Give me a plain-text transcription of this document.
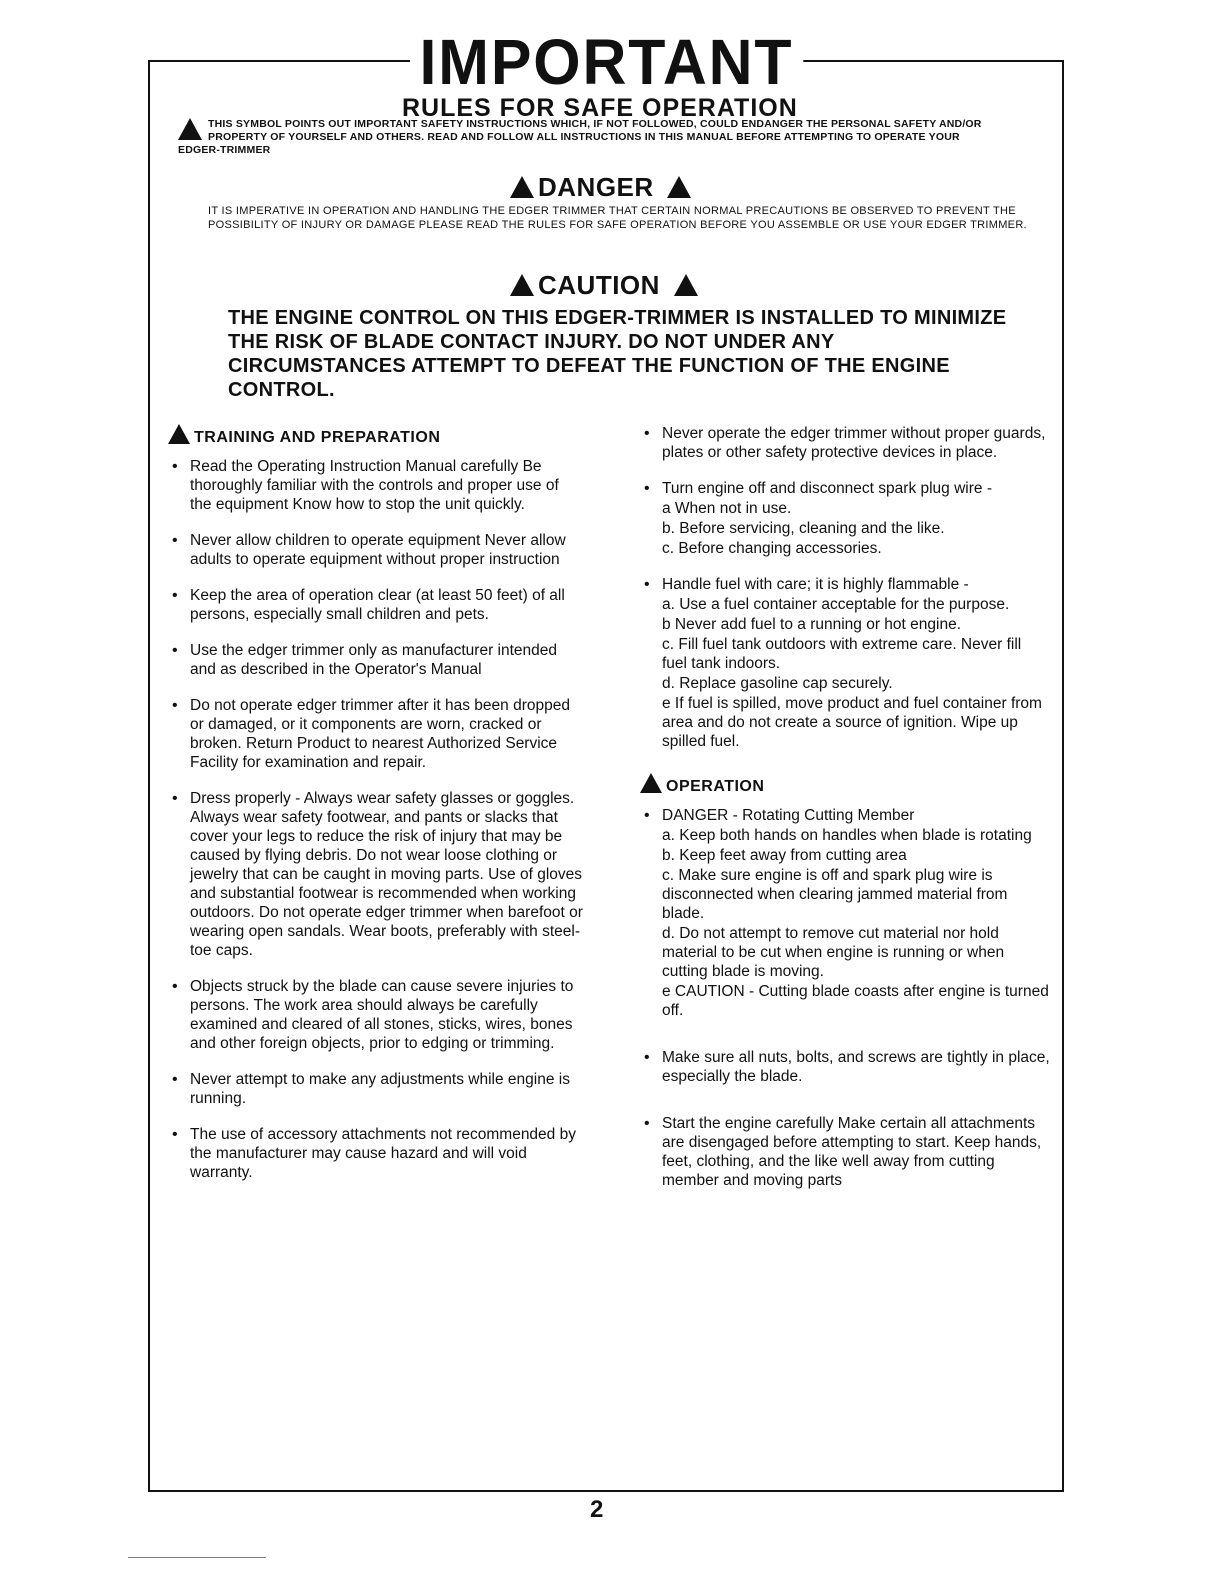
IMPORTANT
RULES FOR SAFE OPERATION
THIS SYMBOL POINTS OUT IMPORTANT SAFETY INSTRUCTIONS WHICH, IF NOT FOLLOWED, COULD ENDANGER THE PERSONAL SAFETY AND/OR PROPERTY OF YOURSELF AND OTHERS. READ AND FOLLOW ALL INSTRUCTIONS IN THIS MANUAL BEFORE ATTEMPTING TO OPERATE YOUR EDGER-TRIMMER
DANGER
IT IS IMPERATIVE IN OPERATION AND HANDLING THE EDGER TRIMMER THAT CERTAIN NORMAL PRECAUTIONS BE OBSERVED TO PREVENT THE POSSIBILITY OF INJURY OR DAMAGE PLEASE READ THE RULES FOR SAFE OPERATION BEFORE YOU ASSEMBLE OR USE YOUR EDGER TRIMMER.
CAUTION
THE ENGINE CONTROL ON THIS EDGER-TRIMMER IS INSTALLED TO MINIMIZE THE RISK OF BLADE CONTACT INJURY. DO NOT UNDER ANY CIRCUMSTANCES ATTEMPT TO DEFEAT THE FUNCTION OF THE ENGINE CONTROL.
TRAINING AND PREPARATION
• Read the Operating Instruction Manual carefully Be thoroughly familiar with the controls and proper use of the equipment Know how to stop the unit quickly.
• Never allow children to operate equipment Never allow adults to operate equipment without proper instruction
• Keep the area of operation clear (at least 50 feet) of all persons, especially small children and pets.
• Use the edger trimmer only as manufacturer intended and as described in the Operator's Manual
• Do not operate edger trimmer after it has been dropped or damaged, or it components are worn, cracked or broken. Return Product to nearest Authorized Service Facility for examination and repair.
• Dress properly - Always wear safety glasses or goggles. Always wear safety footwear, and pants or slacks that cover your legs to reduce the risk of injury that may be caused by flying debris. Do not wear loose clothing or jewelry that can be caught in moving parts. Use of gloves and substantial footwear is recommended when working outdoors. Do not operate edger trimmer when barefoot or wearing open sandals. Wear boots, preferably with steel-toe caps.
• Objects struck by the blade can cause severe injuries to persons. The work area should always be carefully examined and cleared of all stones, sticks, wires, bones and other foreign objects, prior to edging or trimming.
• Never attempt to make any adjustments while engine is running.
• The use of accessory attachments not recommended by the manufacturer may cause hazard and will void warranty.
• Never operate the edger trimmer without proper guards, plates or other safety protective devices in place.
• Turn engine off and disconnect spark plug wire -
a When not in use.
b. Before servicing, cleaning and the like.
c. Before changing accessories.
• Handle fuel with care; it is highly flammable -
a. Use a fuel container acceptable for the purpose.
b Never add fuel to a running or hot engine.
c. Fill fuel tank outdoors with extreme care. Never fill fuel tank indoors.
d. Replace gasoline cap securely.
e If fuel is spilled, move product and fuel container from area and do not create a source of ignition. Wipe up spilled fuel.
OPERATION
• DANGER - Rotating Cutting Member
a. Keep both hands on handles when blade is rotating
b. Keep feet away from cutting area
c. Make sure engine is off and spark plug wire is disconnected when clearing jammed material from blade.
d. Do not attempt to remove cut material nor hold material to be cut when engine is running or when cutting blade is moving.
e CAUTION - Cutting blade coasts after engine is turned off.
• Make sure all nuts, bolts, and screws are tightly in place, especially the blade.
• Start the engine carefully Make certain all attachments are disengaged before attempting to start. Keep hands, feet, clothing, and the like well away from cutting member and moving parts
2
